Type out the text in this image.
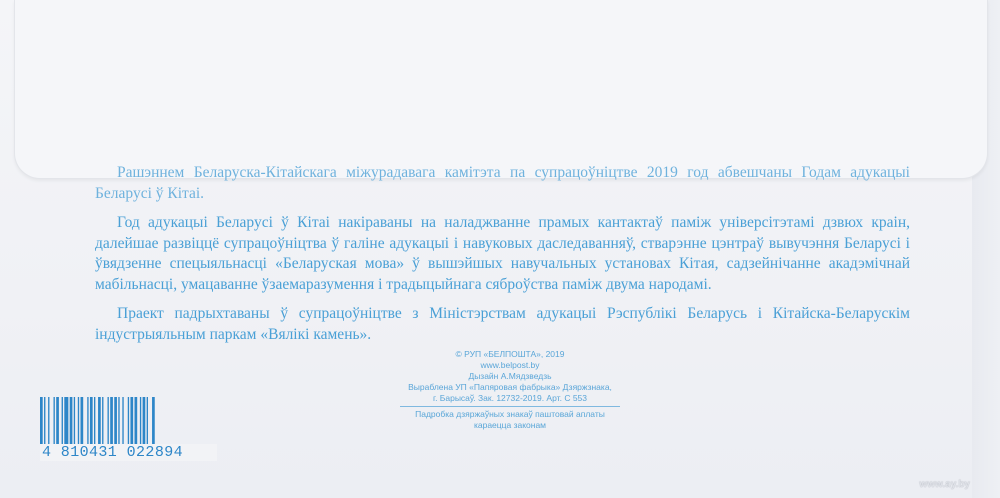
Рашэннем Беларуска-Кітайскага міжурадавага камітэта па супрацоўніцтве 2019 год абвешчаны Годам адукацыі Беларусі ў Кітаі.

Год адукацыі Беларусі ў Кітаі накіраваны на наладжванне прамых кантактаў паміж універсітэтамі дзвюх краін, далейшае развіццё супрацоўніцтва ў галіне адукацыі і навуковых даследаванняў, стварэнне цэнтраў вывучэння Беларусі і ўвядзенне спецыяльнасці «Беларуская мова» ў вышэйшых навучальных установах Кітая, садзейнічанне акадэмічнай мабільнасці, умацаванне ўзаемаразумення і традыцыйнага сяброўства паміж двума народамі.

Праект падрыхтаваны ў супрацоўніцтве з Міністэрствам адукацыі Рэспублікі Беларусь і Кітайска-Беларускім індустрыяльным паркам «Вялікі камень».

© РУП «БЕЛПОШТА», 2019
www.belpost.by
Дызайн А.Мядзведзь
Выраблена УП «Папяровая фабрыка» Дзяржзнака,
г. Барысаў. Зак. 12732-2019. Арт. С 553
Падробка дзяржаўных знакаў паштовай аплаты
караецца законам
4 810431 022894
www.ay.by
